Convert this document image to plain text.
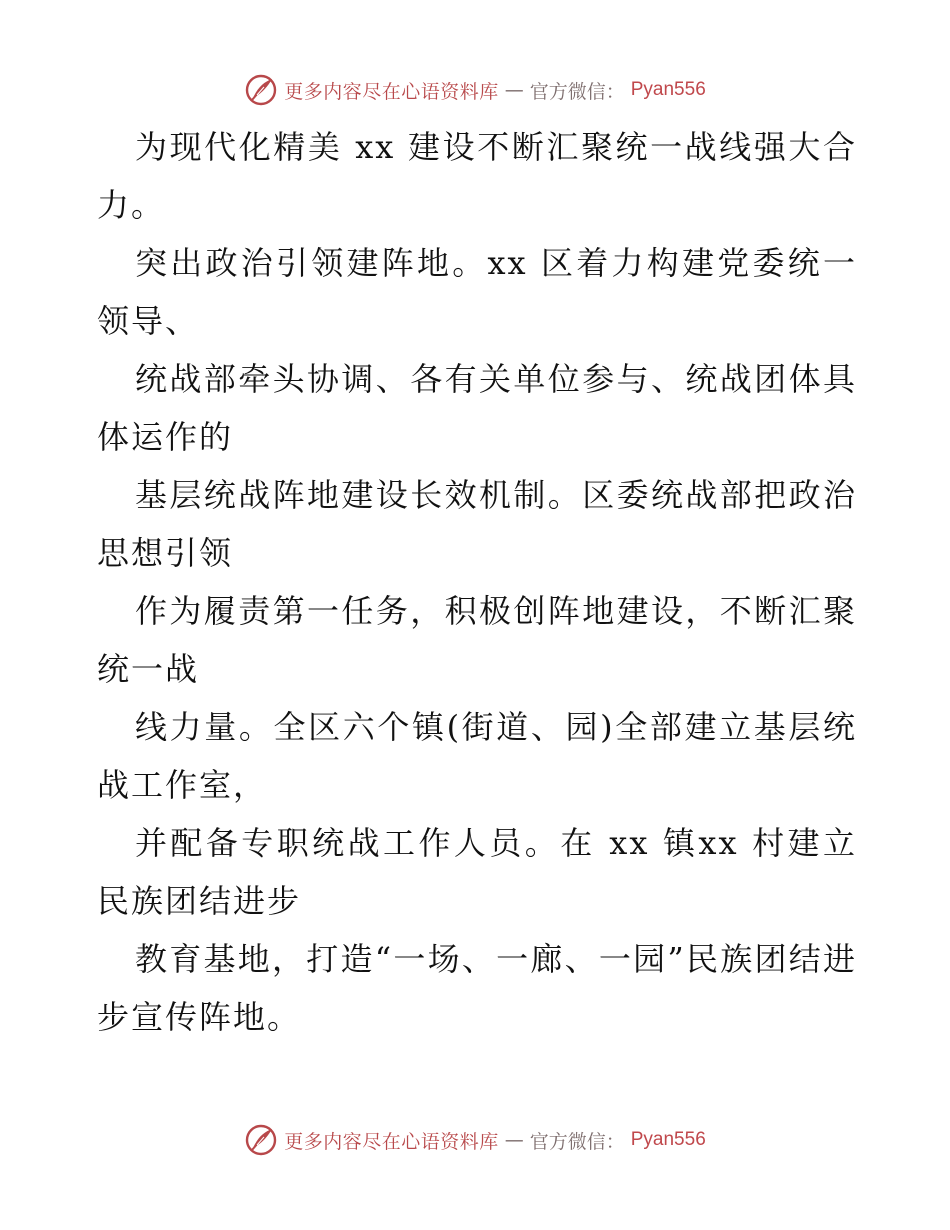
更多内容尽在心语资料库 — 官方微信： Pyan556

为现代化精美 xx 建设不断汇聚统一战线强大合力。

突出政治引领建阵地。xx 区着力构建党委统一领导、

统战部牵头协调、各有关单位参与、统战团体具体运作的

基层统战阵地建设长效机制。区委统战部把政治思想引领

作为履责第一任务，积极创阵地建设，不断汇聚统一战

线力量。全区六个镇(街道、园)全部建立基层统战工作室，

并配备专职统战工作人员。在 xx 镇xx 村建立民族团结进步

教育基地，打造“一场、一廊、一园”民族团结进步宣传阵地。

更多内容尽在心语资料库 — 官方微信： Pyan556
